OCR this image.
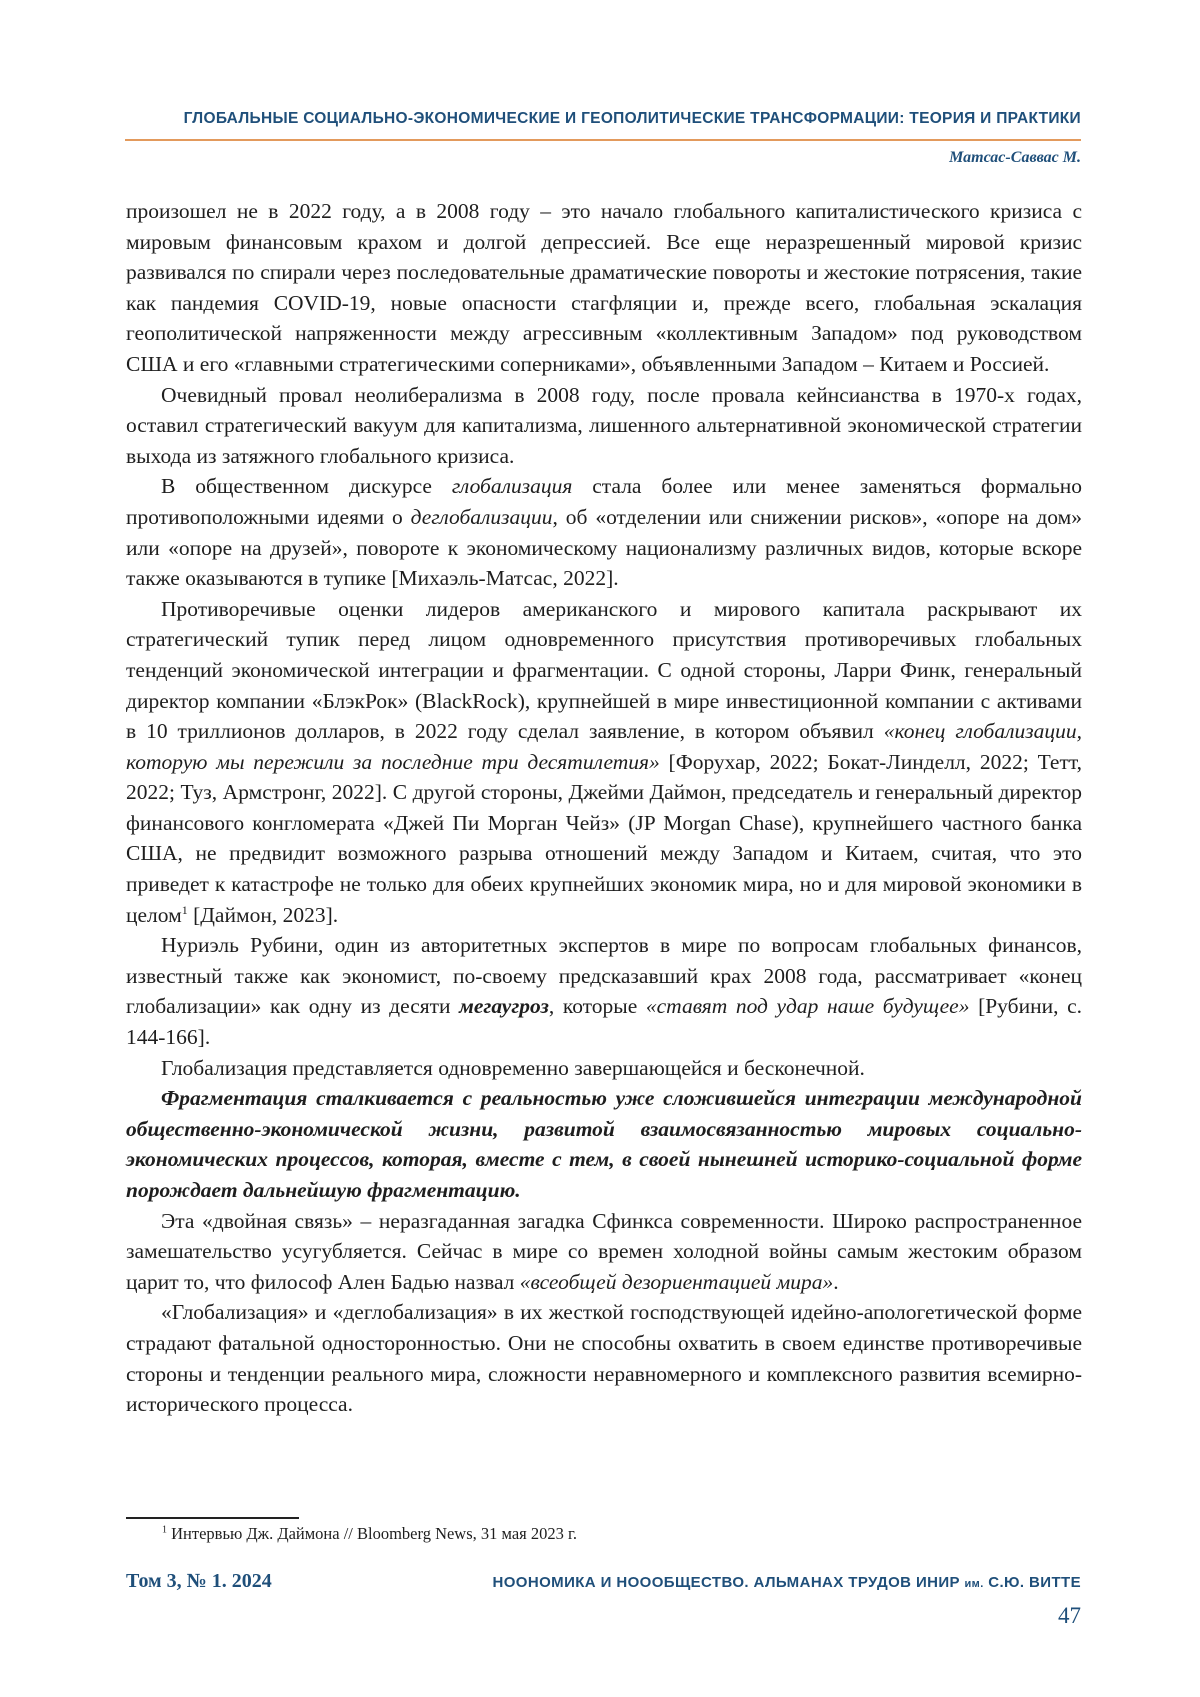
ГЛОБАЛЬНЫЕ СОЦИАЛЬНО-ЭКОНОМИЧЕСКИЕ И ГЕОПОЛИТИЧЕСКИЕ ТРАНСФОРМАЦИИ: ТЕОРИЯ И ПРАКТИКИ
Матсас-Саввас М.

произошел не в 2022 году, а в 2008 году – это начало глобального капиталистического кризиса с мировым финансовым крахом и долгой депрессией. Все еще неразрешенный мировой кризис развивался по спирали через последовательные драматические повороты и жестокие потрясения, такие как пандемия COVID-19, новые опасности стагфляции и, прежде всего, глобальная эскалация геополитической напряженности между агрессивным «коллективным Западом» под руководством США и его «главными стратегическими соперниками», объявленными Западом – Китаем и Россией.

Очевидный провал неолиберализма в 2008 году, после провала кейнсианства в 1970-х годах, оставил стратегический вакуум для капитализма, лишенного альтернативной экономической стратегии выхода из затяжного глобального кризиса.

В общественном дискурсе глобализация стала более или менее заменяться формально противоположными идеями о деглобализации, об «отделении или снижении рисков», «опоре на дом» или «опоре на друзей», повороте к экономическому национализму различных видов, которые вскоре также оказываются в тупике [Михаэль-Матсас, 2022].

Противоречивые оценки лидеров американского и мирового капитала раскрывают их стратегический тупик перед лицом одновременного присутствия противоречивых глобальных тенденций экономической интеграции и фрагментации. С одной стороны, Ларри Финк, генеральный директор компании «БлэкРок» (BlackRock), крупнейшей в мире инвестиционной компании с активами в 10 триллионов долларов, в 2022 году сделал заявление, в котором объявил «конец глобализации, которую мы пережили за последние три десятилетия» [Форухар, 2022; Бокат-Линделл, 2022; Тетт, 2022; Туз, Армстронг, 2022]. С другой стороны, Джейми Даймон, председатель и генеральный директор финансового конгломерата «Джей Пи Морган Чейз» (JP Morgan Chase), крупнейшего частного банка США, не предвидит возможного разрыва отношений между Западом и Китаем, считая, что это приведет к катастрофе не только для обеих крупнейших экономик мира, но и для мировой экономики в целом1 [Даймон, 2023].

Нуриэль Рубини, один из авторитетных экспертов в мире по вопросам глобальных финансов, известный также как экономист, по-своему предсказавший крах 2008 года, рассматривает «конец глобализации» как одну из десяти мегаугроз, которые «ставят под удар наше будущее» [Рубини, с. 144-166].

Глобализация представляется одновременно завершающейся и бесконечной.

Фрагментация сталкивается с реальностью уже сложившейся интеграции международной общественно-экономической жизни, развитой взаимосвязанностью мировых социально-экономических процессов, которая, вместе с тем, в своей нынешней историко-социальной форме порождает дальнейшую фрагментацию.

Эта «двойная связь» – неразгаданная загадка Сфинкса современности. Широко распространенное замешательство усугубляется. Сейчас в мире со времен холодной войны самым жестоким образом царит то, что философ Ален Бадью назвал «всеобщей дезориентацией мира».

«Глобализация» и «деглобализация» в их жесткой господствующей идейно-апологетической форме страдают фатальной односторонностью. Они не способны охватить в своем единстве противоречивые стороны и тенденции реального мира, сложности неравномерного и комплексного развития всемирно-исторического процесса.

1 Интервью Дж. Даймона // Bloomberg News, 31 мая 2023 г.
Том 3, № 1. 2024	НООНОМИКА И НОООБЩЕСТВО. АЛЬМАНАХ ТРУДОВ ИНИР им. С.Ю. ВИТТЕ
47
